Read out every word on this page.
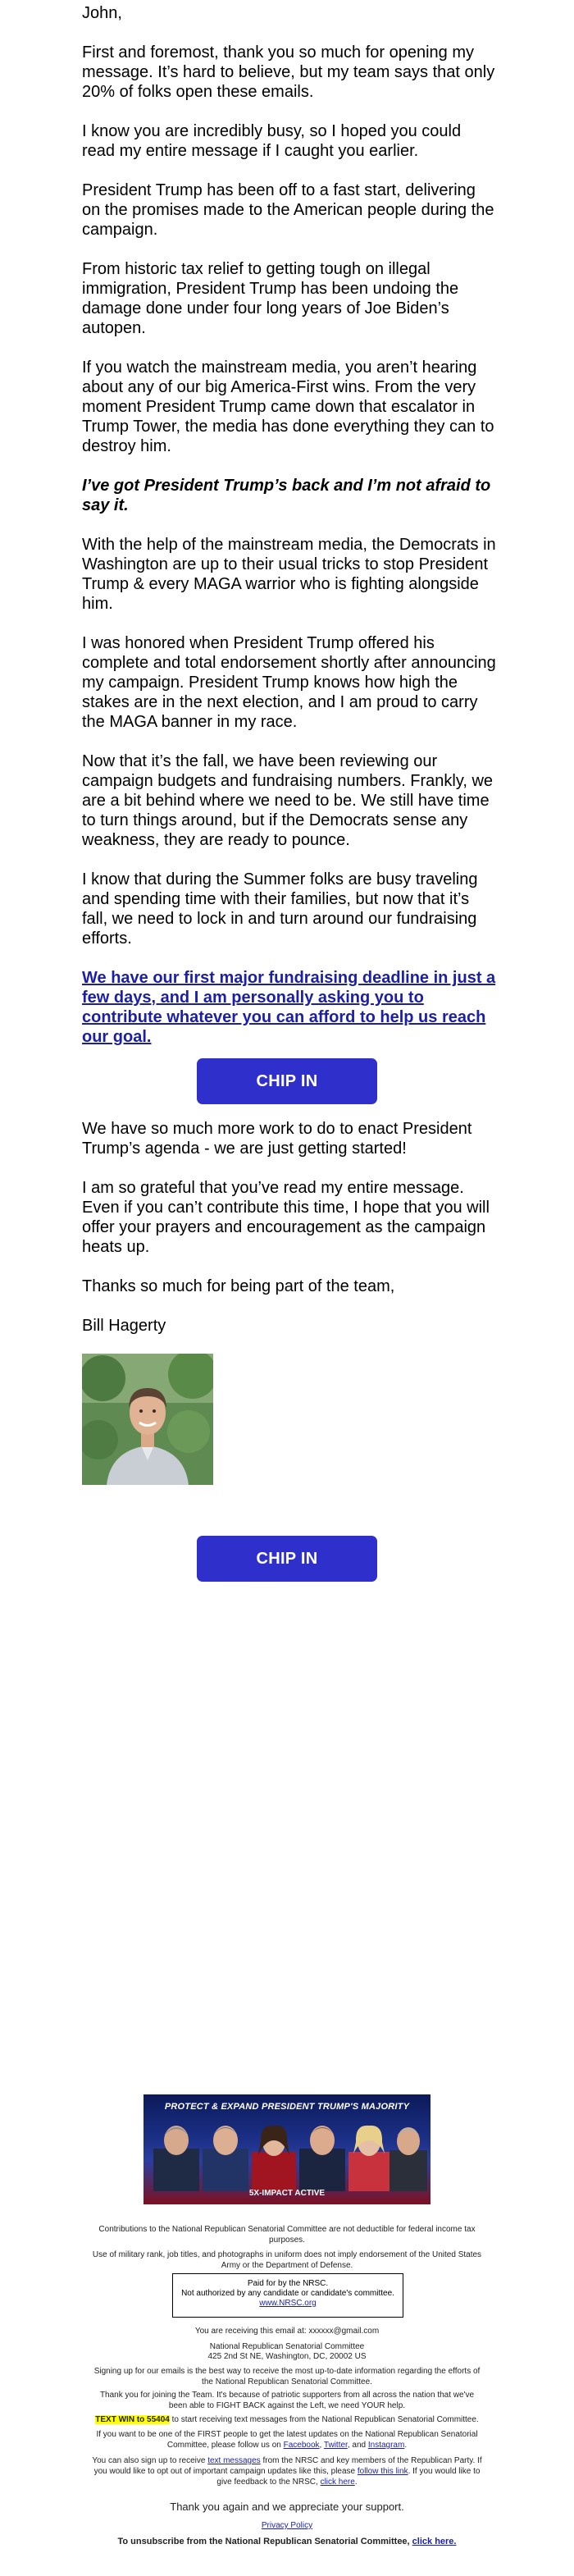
John,

First and foremost, thank you so much for opening my message. It’s hard to believe, but my team says that only 20% of folks open these emails.

I know you are incredibly busy, so I hoped you could read my entire message if I caught you earlier.

President Trump has been off to a fast start, delivering on the promises made to the American people during the campaign.

From historic tax relief to getting tough on illegal immigration, President Trump has been undoing the damage done under four long years of Joe Biden’s autopen.

If you watch the mainstream media, you aren’t hearing about any of our big America-First wins. From the very moment President Trump came down that escalator in Trump Tower, the media has done everything they can to destroy him.

I’ve got President Trump’s back and I’m not afraid to say it.

With the help of the mainstream media, the Democrats in Washington are up to their usual tricks to stop President Trump & every MAGA warrior who is fighting alongside him.

I was honored when President Trump offered his complete and total endorsement shortly after announcing my campaign. President Trump knows how high the stakes are in the next election, and I am proud to carry the MAGA banner in my race.

Now that it’s the fall, we have been reviewing our campaign budgets and fundraising numbers. Frankly, we are a bit behind where we need to be. We still have time to turn things around, but if the Democrats sense any weakness, they are ready to pounce.

I know that during the Summer folks are busy traveling and spending time with their families, but now that it’s fall, we need to lock in and turn around our fundraising efforts.

We have our first major fundraising deadline in just a few days, and I am personally asking you to contribute whatever you can afford to help us reach our goal.

CHIP IN

We have so much more work to do to enact President Trump’s agenda - we are just getting started!

I am so grateful that you’ve read my entire message. Even if you can’t contribute this time, I hope that you will offer your prayers and encouragement as the campaign heats up.

Thanks so much for being part of the team,

Bill Hagerty

CHIP IN
PROTECT & EXPAND PRESIDENT TRUMP'S MAJORITY
5X-IMPACT ACTIVE
Contributions to the National Republican Senatorial Committee are not deductible for federal income tax purposes.
Use of military rank, job titles, and photographs in uniform does not imply endorsement of the United States Army or the Department of Defense.
Paid for by the NRSC.
Not authorized by any candidate or candidate's committee.
www.NRSC.org
You are receiving this email at: xxxxxx@gmail.com
National Republican Senatorial Committee
425 2nd St NE, Washington, DC, 20002 US
Signing up for our emails is the best way to receive the most up-to-date information regarding the efforts of the National Republican Senatorial Committee.
Thank you for joining the Team. It's because of patriotic supporters from all across the nation that we've been able to FIGHT BACK against the Left, we need YOUR help.
TEXT WIN to 55404 to start receiving text messages from the National Republican Senatorial Committee.
If you want to be one of the FIRST people to get the latest updates on the National Republican Senatorial Committee, please follow us on Facebook, Twitter, and Instagram.
You can also sign up to receive text messages from the NRSC and key members of the Republican Party. If you would like to opt out of important campaign updates like this, please follow this link. If you would like to give feedback to the NRSC, click here.
Thank you again and we appreciate your support.
Privacy Policy
To unsubscribe from the National Republican Senatorial Committee, click here.
